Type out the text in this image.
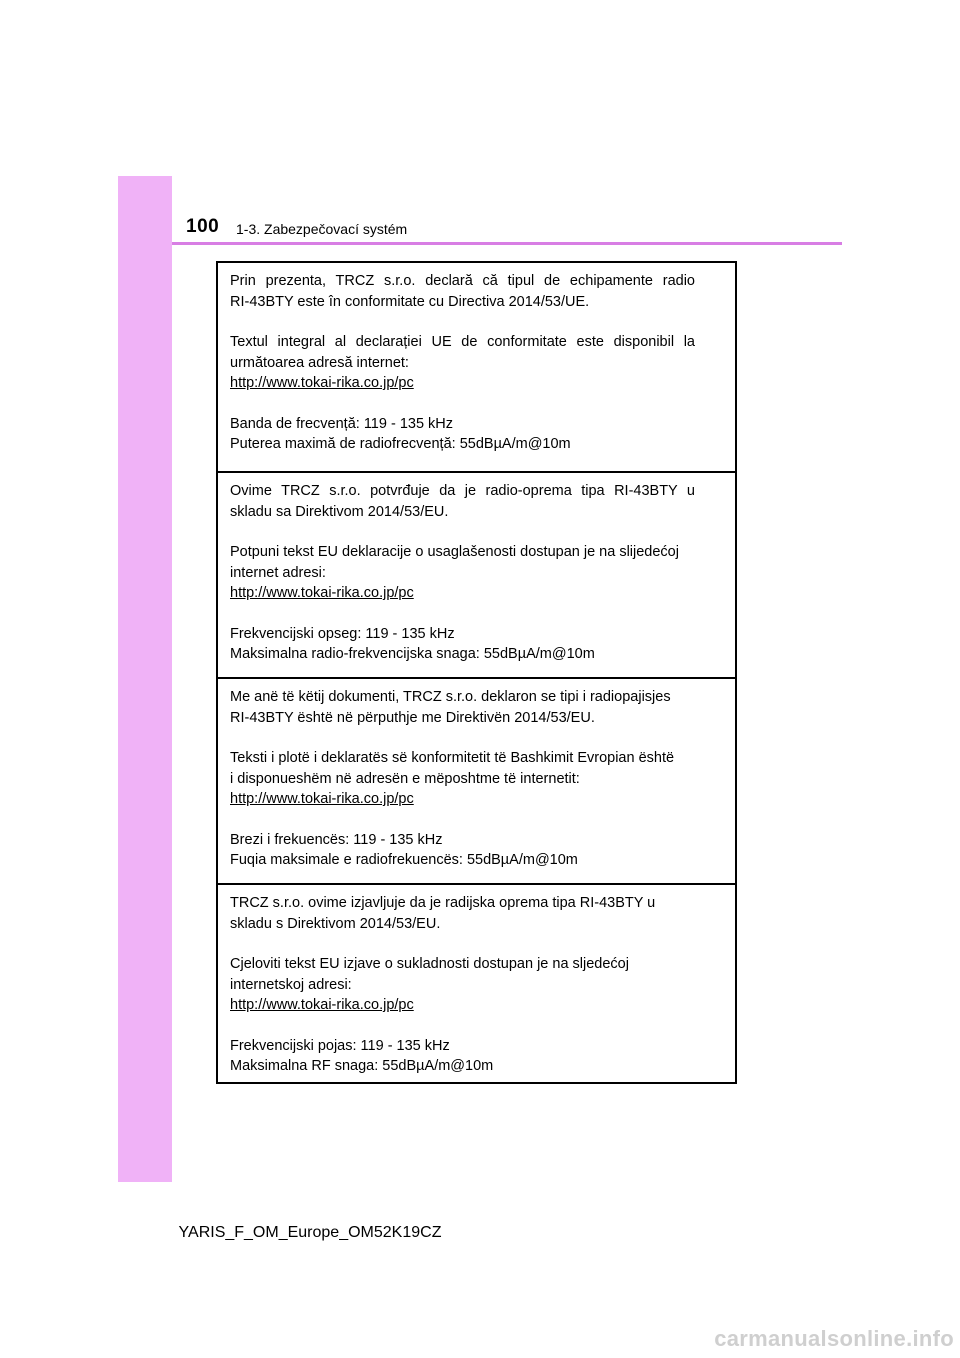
100 1-3. Zabezpečovací systém

Prin prezenta, TRCZ s.r.o. declară că tipul de echipamente radio

RI-43BTY este în conformitate cu Directiva 2014/53/UE.

Textul integral al declarației UE de conformitate este disponibil la

următoarea adresă internet:

http://www.tokai-rika.co.jp/pc

Banda de frecvență: 119 - 135 kHz

Puterea maximă de radiofrecvență: 55dBµA/m@10m

Ovime TRCZ s.r.o. potvrđuje da je radio-oprema tipa RI-43BTY u

skladu sa Direktivom 2014/53/EU.

Potpuni tekst EU deklaracije o usaglašenosti dostupan je na slijedećoj

internet adresi:

http://www.tokai-rika.co.jp/pc

Frekvencijski opseg: 119 - 135 kHz

Maksimalna radio-frekvencijska snaga: 55dBµA/m@10m

Me anë të këtij dokumenti, TRCZ s.r.o. deklaron se tipi i radiopajisjes

RI-43BTY është në përputhje me Direktivën 2014/53/EU.

Teksti i plotë i deklaratës së konformitetit të Bashkimit Evropian është

i disponueshëm në adresën e mëposhtme të internetit:

http://www.tokai-rika.co.jp/pc

Brezi i frekuencës: 119 - 135 kHz

Fuqia maksimale e radiofrekuencës: 55dBµA/m@10m

TRCZ s.r.o. ovime izjavljuje da je radijska oprema tipa RI-43BTY u

skladu s Direktivom 2014/53/EU.

Cjeloviti tekst EU izjave o sukladnosti dostupan je na sljedećoj

internetskoj adresi:

http://www.tokai-rika.co.jp/pc

Frekvencijski pojas: 119 - 135 kHz

Maksimalna RF snaga: 55dBµA/m@10m

YARIS_F_OM_Europe_OM52K19CZ
carmanualsonline.info
